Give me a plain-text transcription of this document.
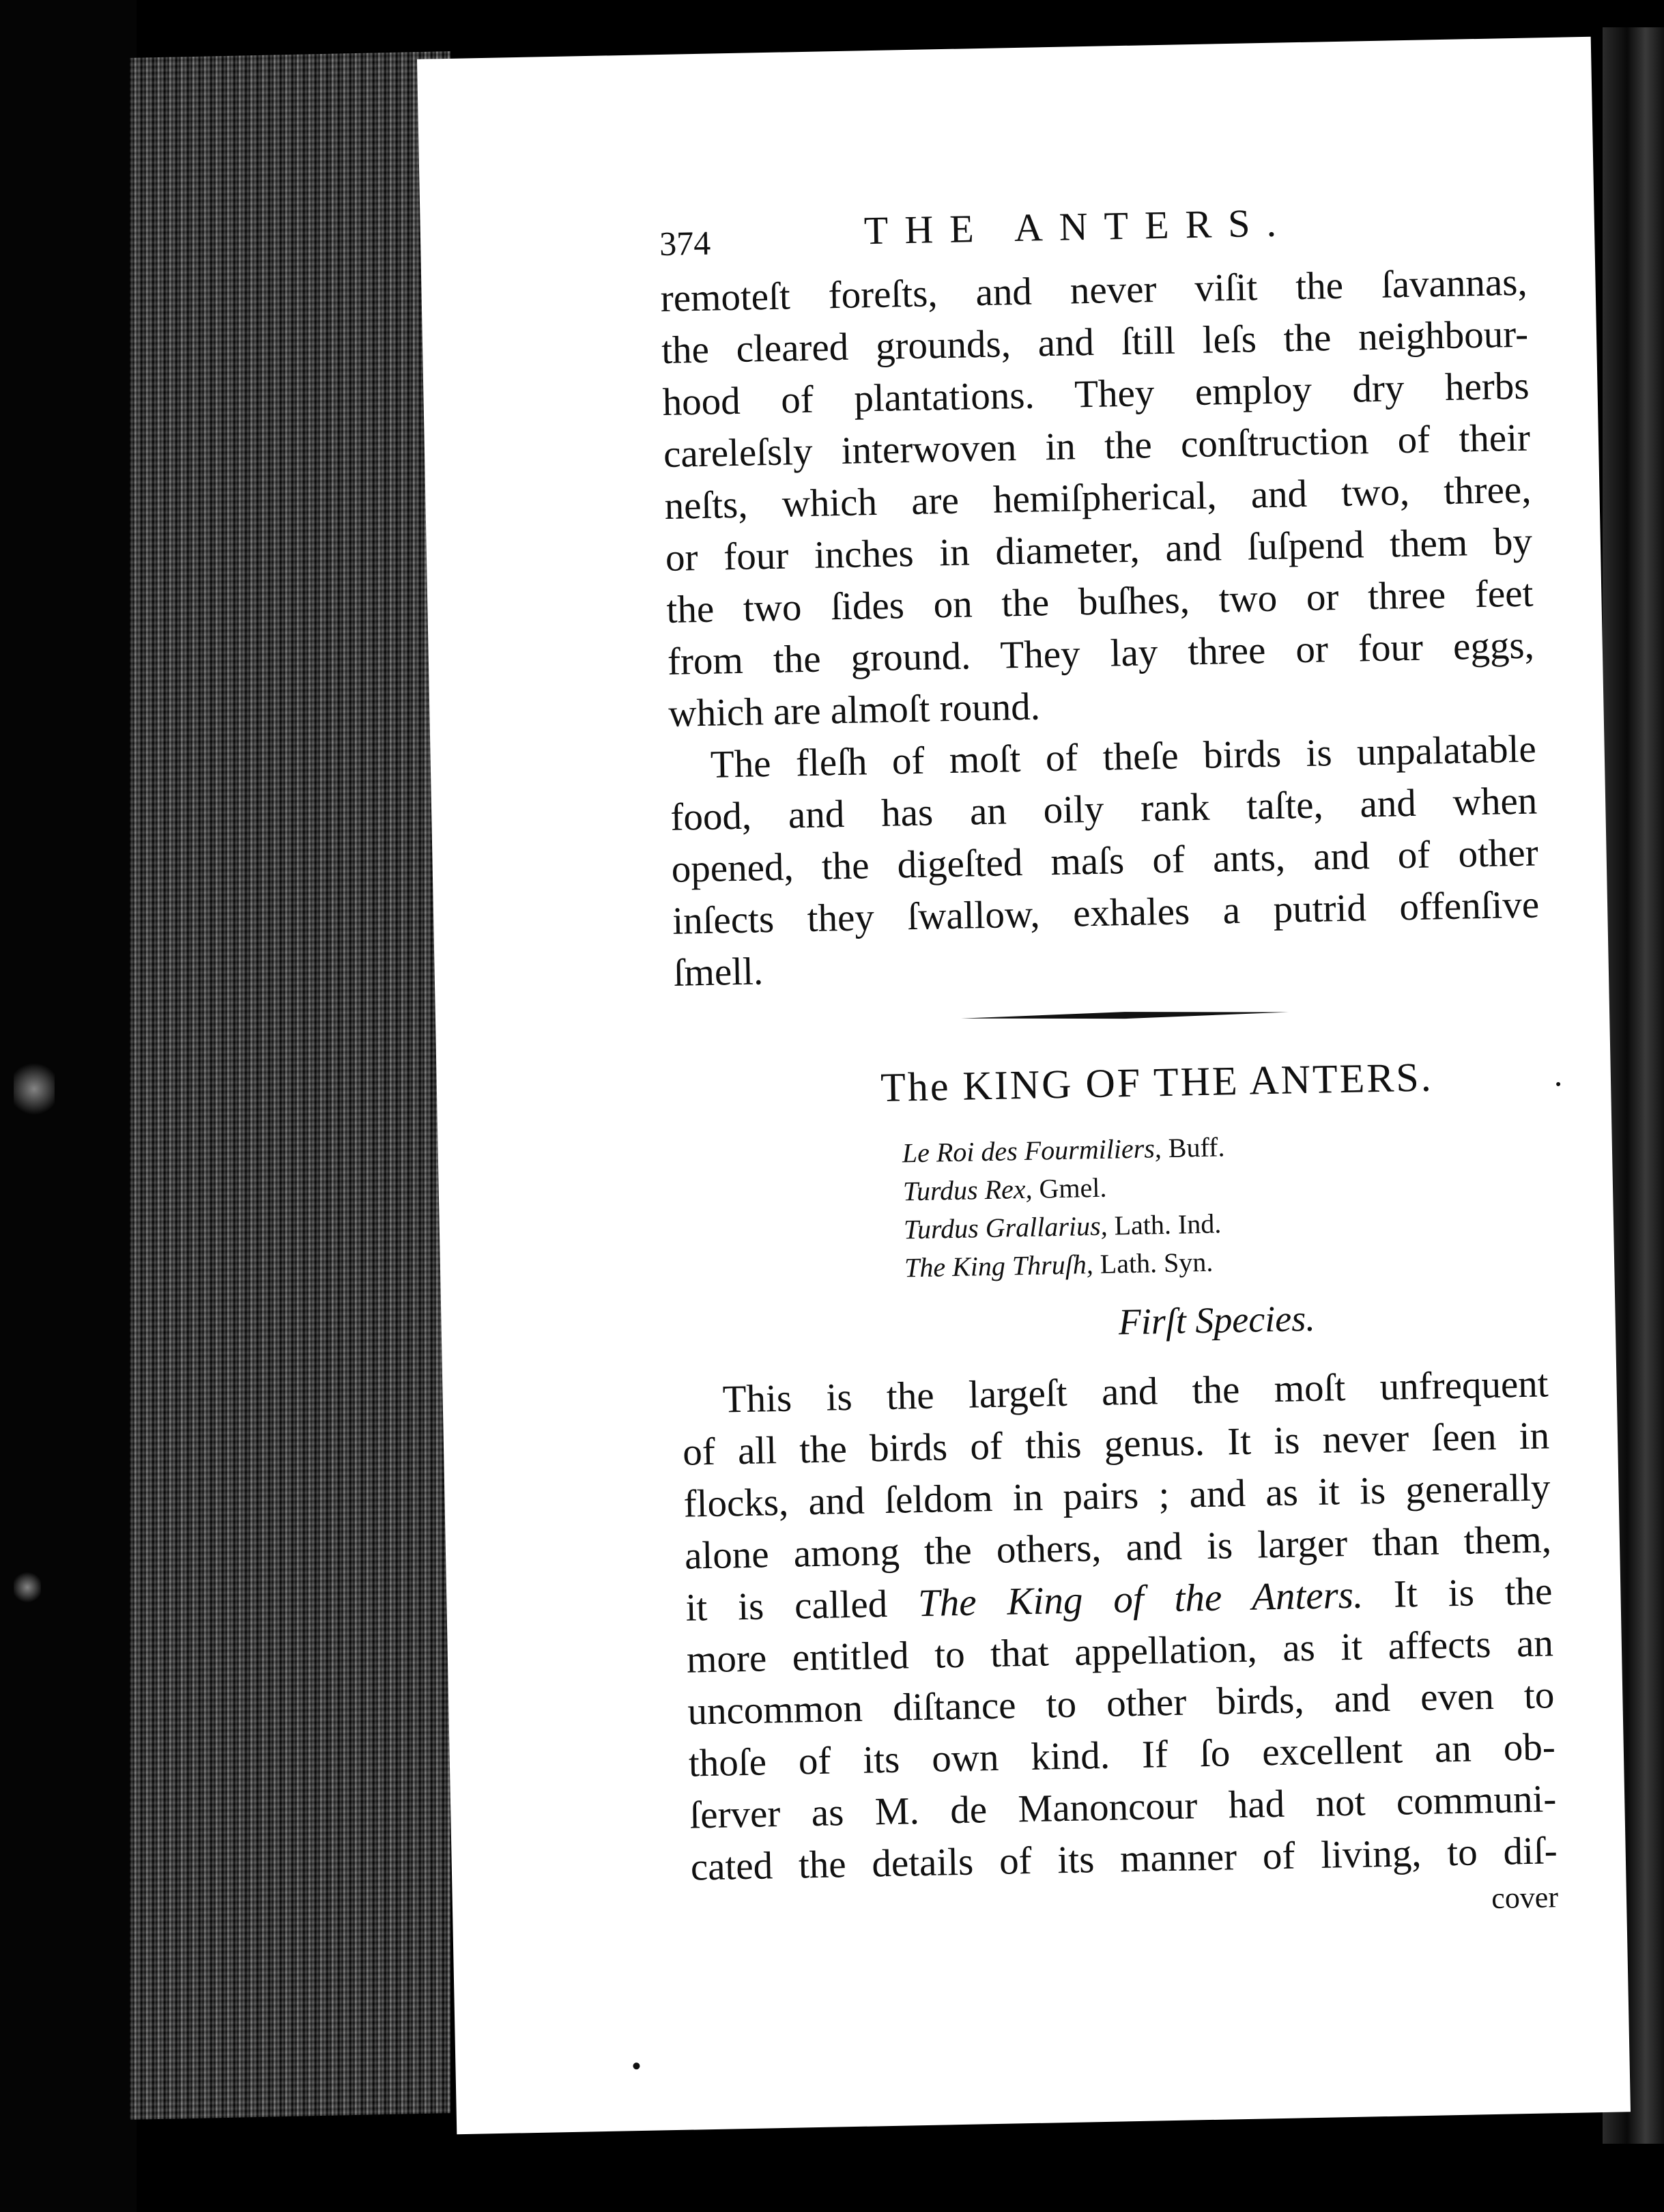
374	THE ANTERS.
remoteſt foreſts, and never viſit the ſavannas,
the cleared grounds, and ſtill leſs the neighbour-
hood of plantations. They employ dry herbs
careleſsly interwoven in the conſtruction of their
neſts, which are hemiſpherical, and two, three,
or four inches in diameter, and ſuſpend them by
the two ſides on the buſhes, two or three feet
from the ground. They lay three or four eggs,
which are almoſt round.
The fleſh of moſt of theſe birds is unpalatable
food, and has an oily rank taſte, and when
opened, the digeſted maſs of ants, and of other
inſects they ſwallow, exhales a putrid offenſive
ſmell.
The KING OF THE ANTERS.
Le Roi des Fourmiliers, Buff.
Turdus Rex, Gmel.
Turdus Grallarius, Lath. Ind.
The King Thruſh, Lath. Syn.
Firſt Species.
This is the largeſt and the moſt unfrequent
of all the birds of this genus. It is never ſeen in
flocks, and ſeldom in pairs ; and as it is generally
alone among the others, and is larger than them,
it is called The King of the Anters. It is the
more entitled to that appellation, as it affects an
uncommon diſtance to other birds, and even to
thoſe of its own kind. If ſo excellent an ob-
ſerver as M. de Manoncour had not communi-
cated the details of its manner of living, to diſ-
cover
